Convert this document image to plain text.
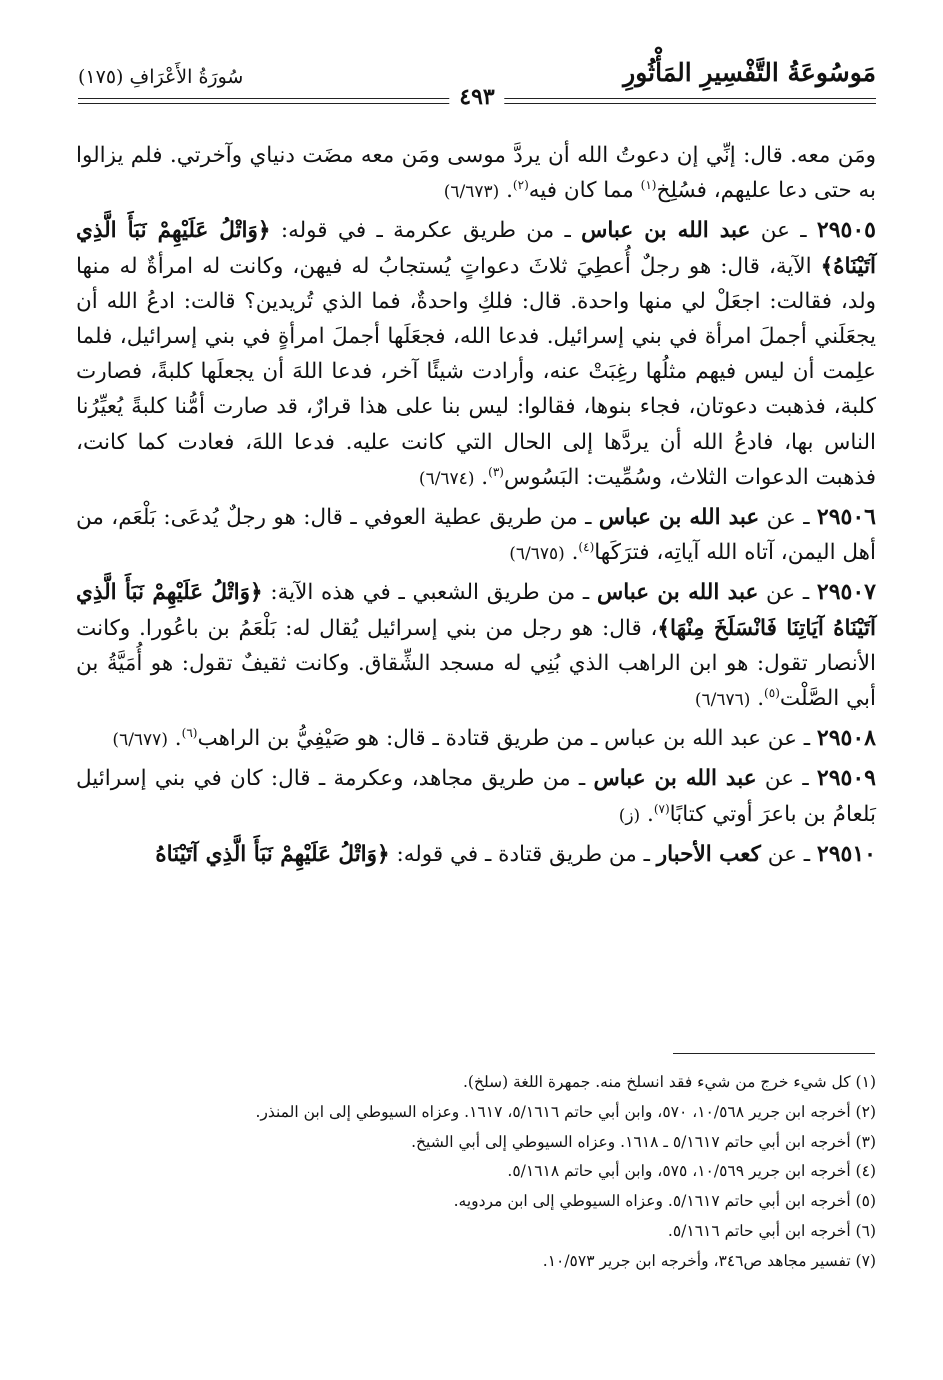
مَوسُوعَةُ التَّفْسِيرِ المَأْثُورِ
سُورَةُ الأَعْرَافِ (١٧٥)
٤٩٣

ومَن معه. قال: إنِّي إن دعوتُ الله أن يردَّ موسى ومَن معه مضَت دنياي وآخرتي. فلم يزالوا به حتى دعا عليهم، فسُلِخ$^{(١)}$ مما كان فيه$^{(٢)}$. (٦/٦٧٣)

٢٩٥٠٥ ـ عن عبد الله بن عباس ـ من طريق عكرمة ـ في قوله: ﴿وَاتْلُ عَلَيْهِمْ نَبَأَ الَّذِي آتَيْنَاهُ﴾ الآية، قال: هو رجلٌ أُعطِيَ ثلاثَ دعواتٍ يُستجابُ له فيهن، وكانت له امرأةٌ له منها ولد، فقالت: اجعَلْ لي منها واحدة. قال: فلكِ واحدةٌ، فما الذي تُريدين؟ قالت: ادعُ الله أن يجعَلَني أجملَ امرأة في بني إسرائيل. فدعا الله، فجعَلَها أجملَ امرأةٍ في بني إسرائيل، فلما علِمت أن ليس فيهم مثلُها رغِبَتْ عنه، وأرادت شيئًا آخر، فدعا اللهَ أن يجعلَها كلبةً، فصارت كلبة، فذهبت دعوتان، فجاء بنوها، فقالوا: ليس بنا على هذا قرارٌ، قد صارت أمُّنا كلبةً يُعيِّرُنا الناس بها، فادعُ الله أن يردَّها إلى الحال التي كانت عليه. فدعا اللهَ، فعادت كما كانت، فذهبت الدعوات الثلاث، وسُمِّيت: البَسُوس$^{(٣)}$. (٦/٦٧٤)

٢٩٥٠٦ ـ عن عبد الله بن عباس ـ من طريق عطية العوفي ـ قال: هو رجلٌ يُدعَى: بَلْعَم، من أهل اليمن، آتاه الله آياتِه، فترَكَها$^{(٤)}$. (٦/٦٧٥)

٢٩٥٠٧ ـ عن عبد الله بن عباس ـ من طريق الشعبي ـ في هذه الآية: ﴿وَاتْلُ عَلَيْهِمْ نَبَأَ الَّذِي آتَيْنَاهُ آيَاتِنَا فَانْسَلَخَ مِنْهَا﴾، قال: هو رجل من بني إسرائيل يُقال له: بَلْعَمُ بن باعُورا. وكانت الأنصار تقول: هو ابن الراهب الذي بُنِي له مسجد الشِّقاق. وكانت ثقيفٌ تقول: هو أُمَيَّةُ بن أبي الصَّلْت$^{(٥)}$. (٦/٦٧٦)

٢٩٥٠٨ ـ عن عبد الله بن عباس ـ من طريق قتادة ـ قال: هو صَيْفِيُّ بن الراهب$^{(٦)}$. (٦/٦٧٧)

٢٩٥٠٩ ـ عن عبد الله بن عباس ـ من طريق مجاهد، وعكرمة ـ قال: كان في بني إسرائيل بَلعامُ بن باعرَ أوتي كتابًا$^{(٧)}$. (ز)

٢٩٥١٠ ـ عن كعب الأحبار ـ من طريق قتادة ـ في قوله: ﴿وَاتْلُ عَلَيْهِمْ نَبَأَ الَّذِي آتَيْنَاهُ

(١) كل شيء خرج من شيء فقد انسلخ منه. جمهرة اللغة (سلخ).

(٢) أخرجه ابن جرير ١٠/٥٦٨، ٥٧٠، وابن أبي حاتم ٥/١٦١٦، ١٦١٧. وعزاه السيوطي إلى ابن المنذر.

(٣) أخرجه ابن أبي حاتم ٥/١٦١٧ ـ ١٦١٨. وعزاه السيوطي إلى أبي الشيخ.

(٤) أخرجه ابن جرير ١٠/٥٦٩، ٥٧٥، وابن أبي حاتم ٥/١٦١٨.

(٥) أخرجه ابن أبي حاتم ٥/١٦١٧. وعزاه السيوطي إلى ابن مردويه.

(٦) أخرجه ابن أبي حاتم ٥/١٦١٦.

(٧) تفسير مجاهد ص٣٤٦، وأخرجه ابن جرير ١٠/٥٧٣.
